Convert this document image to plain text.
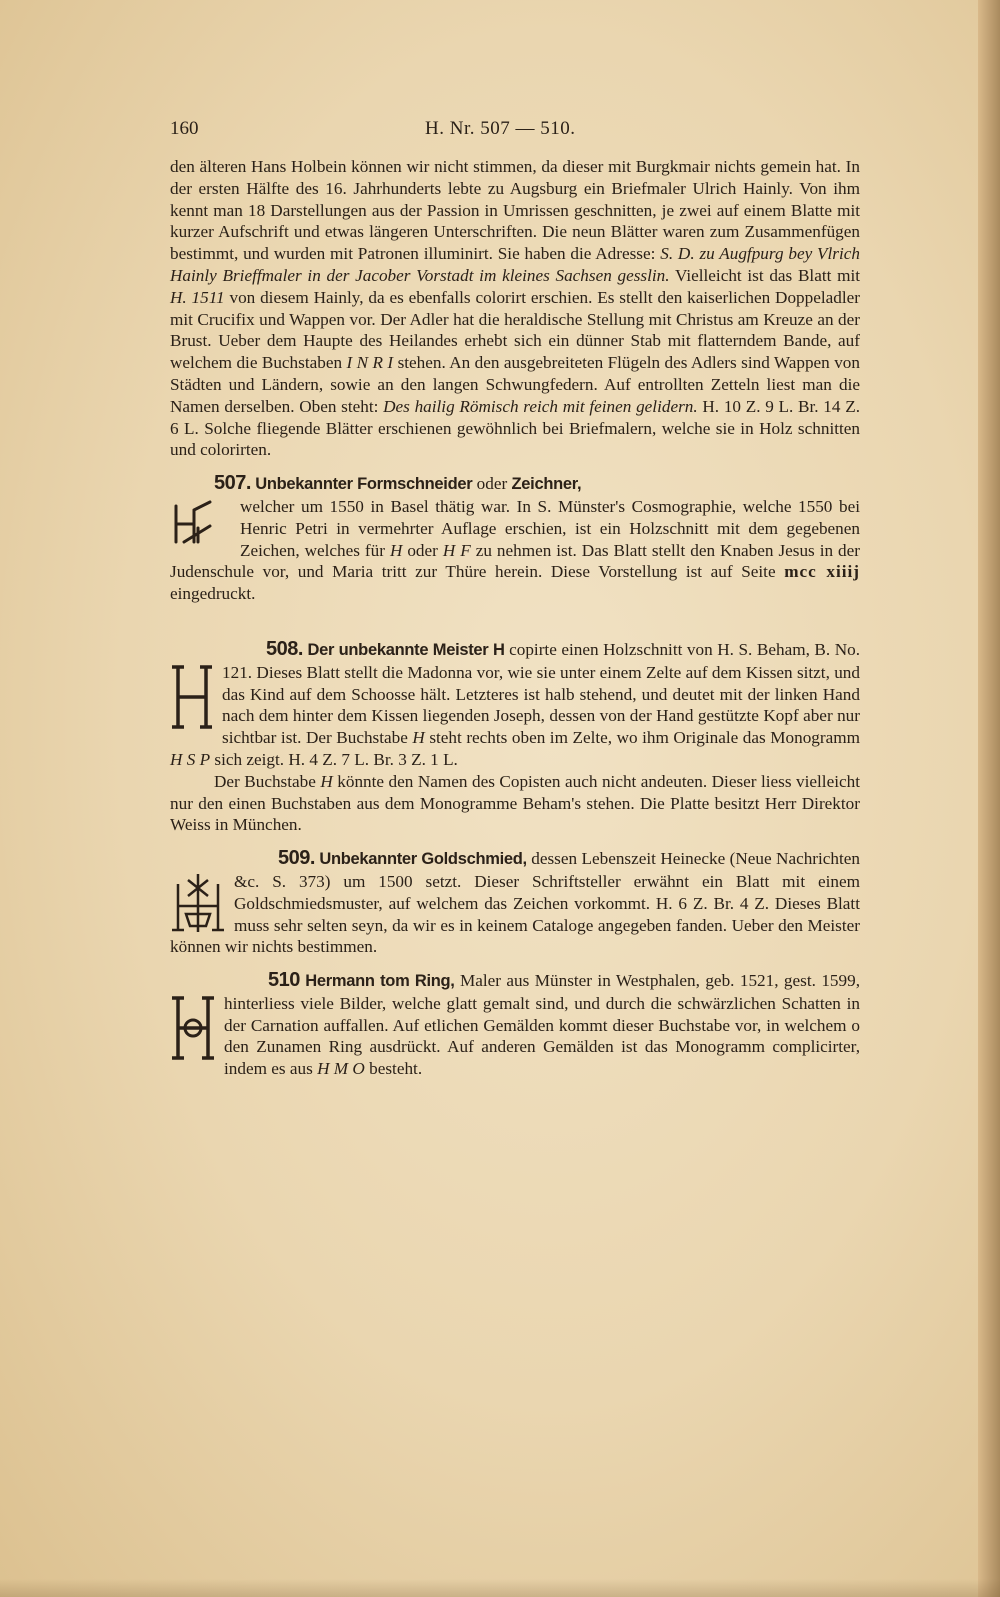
160	H. Nr. 507 — 510.

den älteren Hans Holbein können wir nicht stimmen, da dieser mit Burgkmair nichts gemein hat. In der ersten Hälfte des 16. Jahrhunderts lebte zu Augsburg ein Briefmaler Ulrich Hainly. Von ihm kennt man 18 Darstellungen aus der Passion in Umrissen geschnitten, je zwei auf einem Blatte mit kurzer Aufschrift und etwas längeren Unterschriften. Die neun Blätter waren zum Zusammenfügen bestimmt, und wurden mit Patronen illuminirt. Sie haben die Adresse: S. D. zu Augfpurg bey Vlrich Hainly Brieffmaler in der Jacober Vorstadt im kleines Sachsen gesslin. Vielleicht ist das Blatt mit H. 1511 von diesem Hainly, da es ebenfalls colorirt erschien. Es stellt den kaiserlichen Doppeladler mit Crucifix und Wappen vor. Der Adler hat die heraldische Stellung mit Christus am Kreuze an der Brust. Ueber dem Haupte des Heilandes erhebt sich ein dünner Stab mit flatterndem Bande, auf welchem die Buchstaben I N R I stehen. An den ausgebreiteten Flügeln des Adlers sind Wappen von Städten und Ländern, sowie an den langen Schwungfedern. Auf entrollten Zetteln liest man die Namen derselben. Oben steht: Des hailig Römisch reich mit feinen gelidern. H. 10 Z. 9 L. Br. 14 Z. 6 L. Solche fliegende Blätter erschienen gewöhnlich bei Briefmalern, welche sie in Holz schnitten und colorirten.

507. Unbekannter Formschneider oder Zeichner,

welcher um 1550 in Basel thätig war. In S. Münster's Cosmographie, welche 1550 bei Henric Petri in vermehrter Auflage erschien, ist ein Holzschnitt mit dem gegebenen Zeichen, welches für H oder H F zu nehmen ist. Das Blatt stellt den Knaben Jesus in der Judenschule vor, und Maria tritt zur Thüre herein. Diese Vorstellung ist auf Seite mcc xiiij eingedruckt.

508. Der unbekannte Meister H copirte einen Holzschnitt von H. S. Beham, B. No. 121. Dieses Blatt stellt die Madonna vor, wie sie unter einem Zelte auf dem Kissen sitzt, und das Kind auf dem Schoosse hält. Letzteres ist halb stehend, und deutet mit der linken Hand nach dem hinter dem Kissen liegenden Joseph, dessen von der Hand gestützte Kopf aber nur sichtbar ist. Der Buchstabe H steht rechts oben im Zelte, wo ihm Originale das Monogramm H S P sich zeigt. H. 4 Z. 7 L. Br. 3 Z. 1 L.

Der Buchstabe H könnte den Namen des Copisten auch nicht andeuten. Dieser liess vielleicht nur den einen Buchstaben aus dem Monogramme Beham's stehen. Die Platte besitzt Herr Direktor Weiss in München.

509. Unbekannter Goldschmied, dessen Lebenszeit Heinecke (Neue Nachrichten &c. S. 373) um 1500 setzt. Dieser Schriftsteller erwähnt ein Blatt mit einem Goldschmiedsmuster, auf welchem das Zeichen vorkommt. H. 6 Z. Br. 4 Z. Dieses Blatt muss sehr selten seyn, da wir es in keinem Cataloge angegeben fanden. Ueber den Meister können wir nichts bestimmen.

510 Hermann tom Ring, Maler aus Münster in Westphalen, geb. 1521, gest. 1599, hinterliess viele Bilder, welche glatt gemalt sind, und durch die schwärzlichen Schatten in der Carnation auffallen. Auf etlichen Gemälden kommt dieser Buchstabe vor, in welchem o den Zunamen Ring ausdrückt. Auf anderen Gemälden ist das Monogramm complicirter, indem es aus H M O besteht.
